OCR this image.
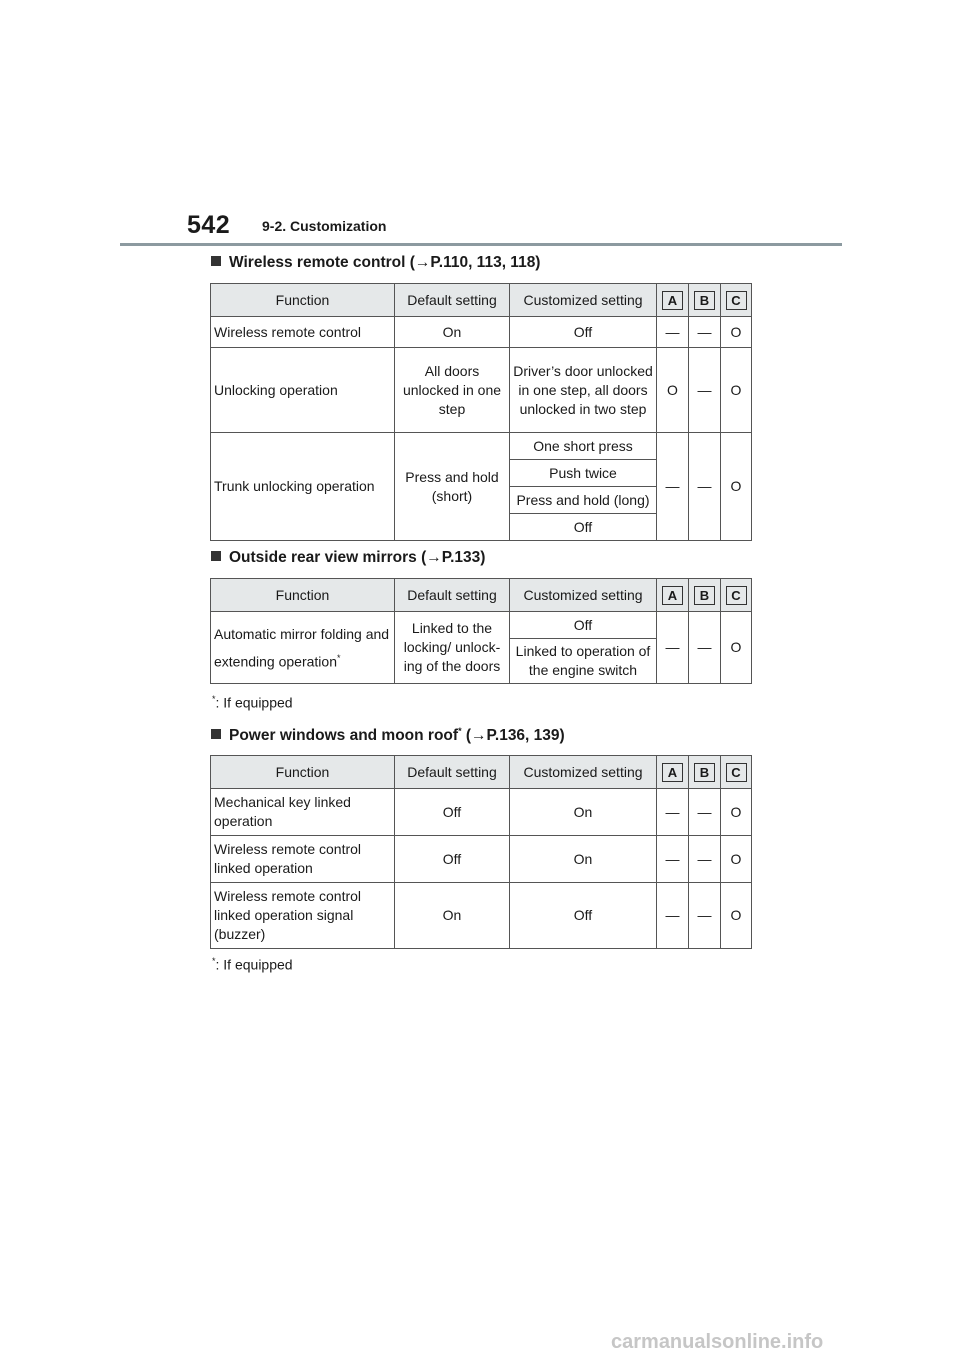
542 9-2. Customization
Wireless remote control (→P.110, 113, 118)
Function	Default setting	Customized setting	A	B	C
Wireless remote control	On	Off	—	—	O
Unlocking operation	All doors unlocked in one step	Driver’s door unlocked in one step, all doors unlocked in two step	O	—	O
Trunk unlocking operation	Press and hold (short)	One short press	—	—	O
		Push twice			
		Press and hold (long)			
		Off			
Outside rear view mirrors (→P.133)
Function	Default setting	Customized setting	A	B	C
Automatic mirror folding and extending operation*	Linked to the locking/ unlock-ing of the doors	Off	—	—	O
		Linked to operation of the engine switch			
*: If equipped
Power windows and moon roof* (→P.136, 139)
Function	Default setting	Customized setting	A	B	C
Mechanical key linked operation	Off	On	—	—	O
Wireless remote control linked operation	Off	On	—	—	O
Wireless remote control linked operation signal (buzzer)	On	Off	—	—	O
*: If equipped
carmanualsonline.info
